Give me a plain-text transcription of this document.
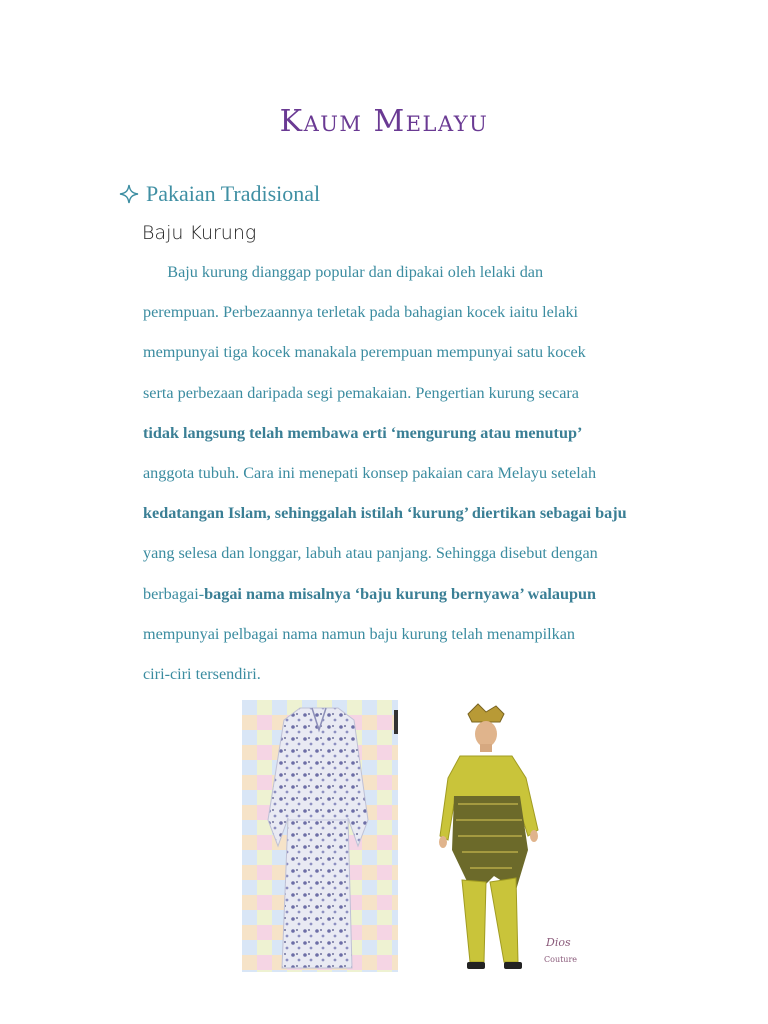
Kaum Melayu
Pakaian Tradisional
Baju Kurung
Baju kurung dianggap popular dan dipakai oleh lelaki dan
perempuan. Perbezaannya terletak pada bahagian kocek iaitu lelaki
mempunyai tiga kocek manakala perempuan mempunyai satu kocek
serta perbezaan daripada segi pemakaian. Pengertian kurung secara
tidak langsung telah membawa erti ‘mengurung atau menutup’
anggota tubuh. Cara ini menepati konsep pakaian cara Melayu setelah
kedatangan Islam, sehinggalah istilah ‘kurung’ diertikan sebagai baju
yang selesa dan longgar, labuh atau panjang. Sehingga disebut dengan
berbagai-bagai nama misalnya ‘baju kurung bernyawa’ walaupun
mempunyai pelbagai nama namun baju kurung telah menampilkan
ciri-ciri tersendiri.
Dios
Couture
